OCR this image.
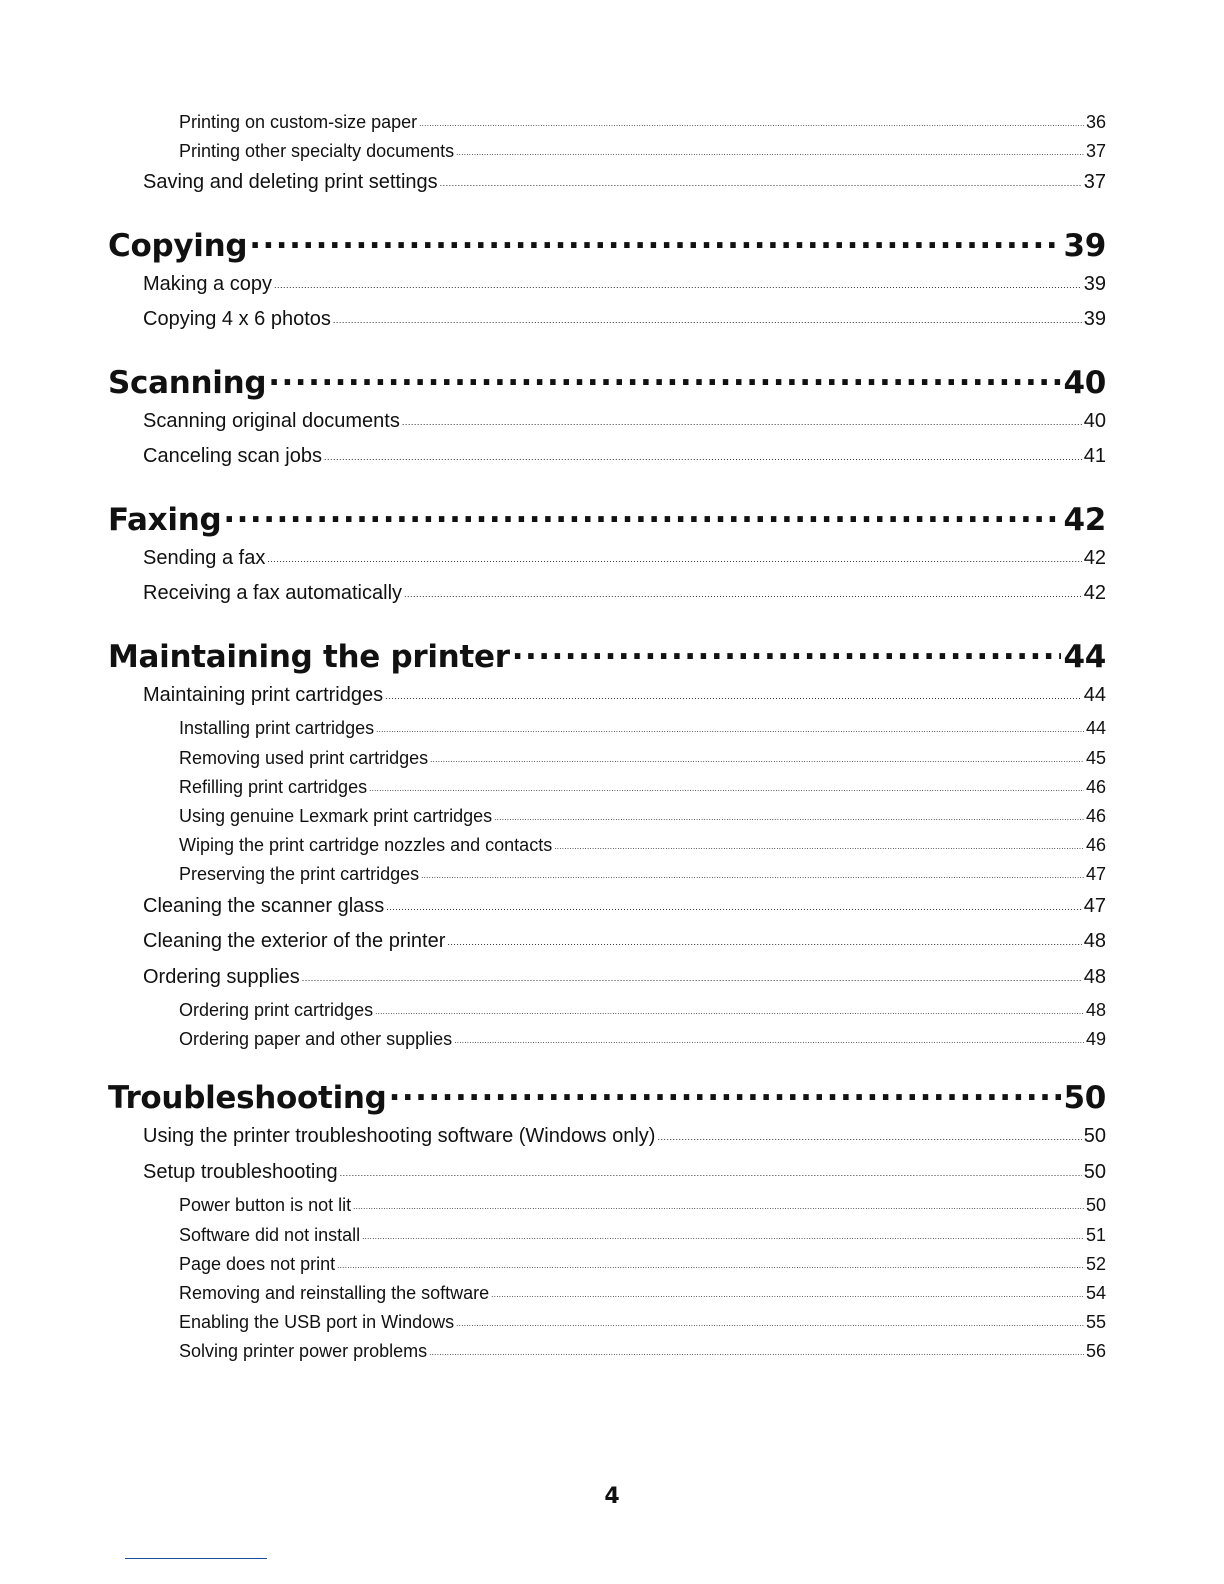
Printing on custom-size paper .....	36
Printing other specialty documents .....	37
Saving and deleting print settings .....	37
Copying .....	39
Making a copy .....	39
Copying 4 x 6 photos .....	39
Scanning .....	40
Scanning original documents .....	40
Canceling scan jobs .....	41
Faxing .....	42
Sending a fax .....	42
Receiving a fax automatically .....	42
Maintaining the printer .....	44
Maintaining print cartridges .....	44
Installing print cartridges .....	44
Removing used print cartridges .....	45
Refilling print cartridges .....	46
Using genuine Lexmark print cartridges .....	46
Wiping the print cartridge nozzles and contacts .....	46
Preserving the print cartridges .....	47
Cleaning the scanner glass .....	47
Cleaning the exterior of the printer .....	48
Ordering supplies .....	48
Ordering print cartridges .....	48
Ordering paper and other supplies .....	49
Troubleshooting .....	50
Using the printer troubleshooting software (Windows only) .....	50
Setup troubleshooting .....	50
Power button is not lit .....	50
Software did not install .....	51
Page does not print .....	52
Removing and reinstalling the software .....	54
Enabling the USB port in Windows .....	55
Solving printer power problems .....	56
4
